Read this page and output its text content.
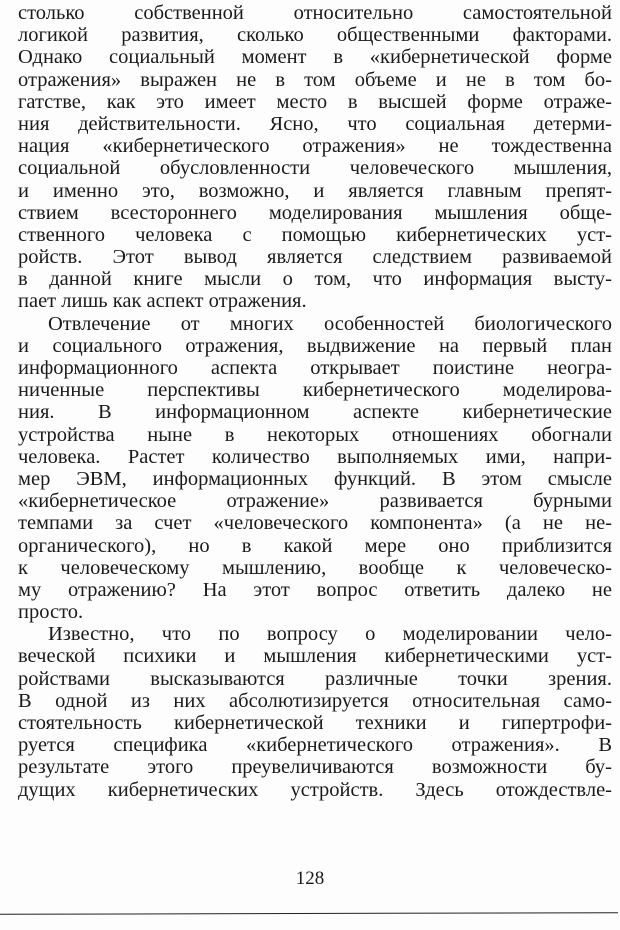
столько собственной относительно самостоятельной
логикой развития, сколько общественными факторами.
Однако социальный момент в «кибернетической форме
отражения» выражен не в том объеме и не в том бо-
гатстве, как это имеет место в высшей форме отраже-
ния действительности. Ясно, что социальная детерми-
нация «кибернетического отражения» не тождественна
социальной обусловленности человеческого мышления,
и именно это, возможно, и является главным препят-
ствием всестороннего моделирования мышления обще-
ственного человека с помощью кибернетических уст-
ройств. Этот вывод является следствием развиваемой
в данной книге мысли о том, что информация высту-
пает лишь как аспект отражения.
Отвлечение от многих особенностей биологического
и социального отражения, выдвижение на первый план
информационного аспекта открывает поистине неогра-
ниченные перспективы кибернетического моделирова-
ния. В информационном аспекте кибернетические
устройства ныне в некоторых отношениях обогнали
человека. Растет количество выполняемых ими, напри-
мер ЭВМ, информационных функций. В этом смысле
«кибернетическое отражение» развивается бурными
темпами за счет «человеческого компонента» (а не не-
органического), но в какой мере оно приблизится
к человеческому мышлению, вообще к человеческо-
му отражению? На этот вопрос ответить далеко не
просто.
Известно, что по вопросу о моделировании чело-
веческой психики и мышления кибернетическими уст-
ройствами высказываются различные точки зрения.
В одной из них абсолютизируется относительная само-
стоятельность кибернетической техники и гипертрофи-
руется специфика «кибернетического отражения». В
результате этого преувеличиваются возможности бу-
дущих кибернетических устройств. Здесь отождествле-
128
